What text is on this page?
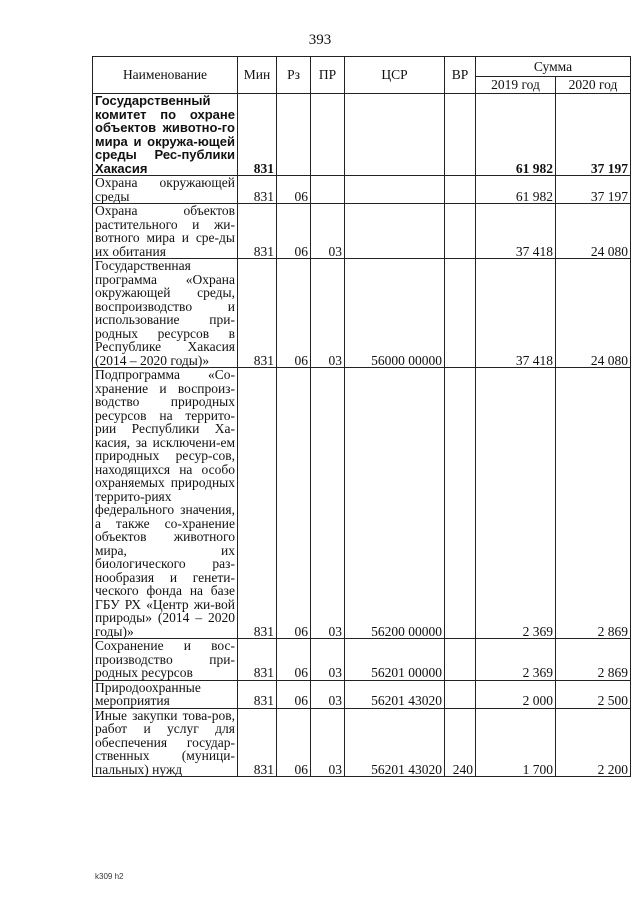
393
Наименование	Мин	Рз	ПР	ЦСР	ВР	Сумма	
						2019 год	2020 год
Государственный комитет по охране объектов животно-го мира и окружа-ющей среды Рес-публики Хакасия	831					61 982	37 197
Охрана окружающей среды	831	06				61 982	37 197
Охрана объектов растительного и жи-вотного мира и сре-ды их обитания	831	06	03			37 418	24 080
Государственная программа «Охрана окружающей среды, воспроизводство и использование при-родных ресурсов в Республике Хакасия (2014 – 2020 годы)»	831	06	03	56000 00000		37 418	24 080
Подпрограмма «Со-хранение и воспроиз-водство природных ресурсов на террито-рии Республики Ха-касия, за исключени-ем природных ресур-сов, находящихся на особо охраняемых природных террито-риях федерального значения, а также со-хранение объектов животного мира, их биологического раз-нообразия и генети-ческого фонда на базе ГБУ РХ «Центр жи-вой природы» (2014 – 2020 годы)»	831	06	03	56200 00000		2 369	2 869
Сохранение и вос-производство при-родных ресурсов	831	06	03	56201 00000		2 369	2 869
Природоохранные мероприятия	831	06	03	56201 43020		2 000	2 500
Иные закупки това-ров, работ и услуг для обеспечения государ-ственных (муници-пальных) нужд	831	06	03	56201 43020	240	1 700	2 200
k309 h2
